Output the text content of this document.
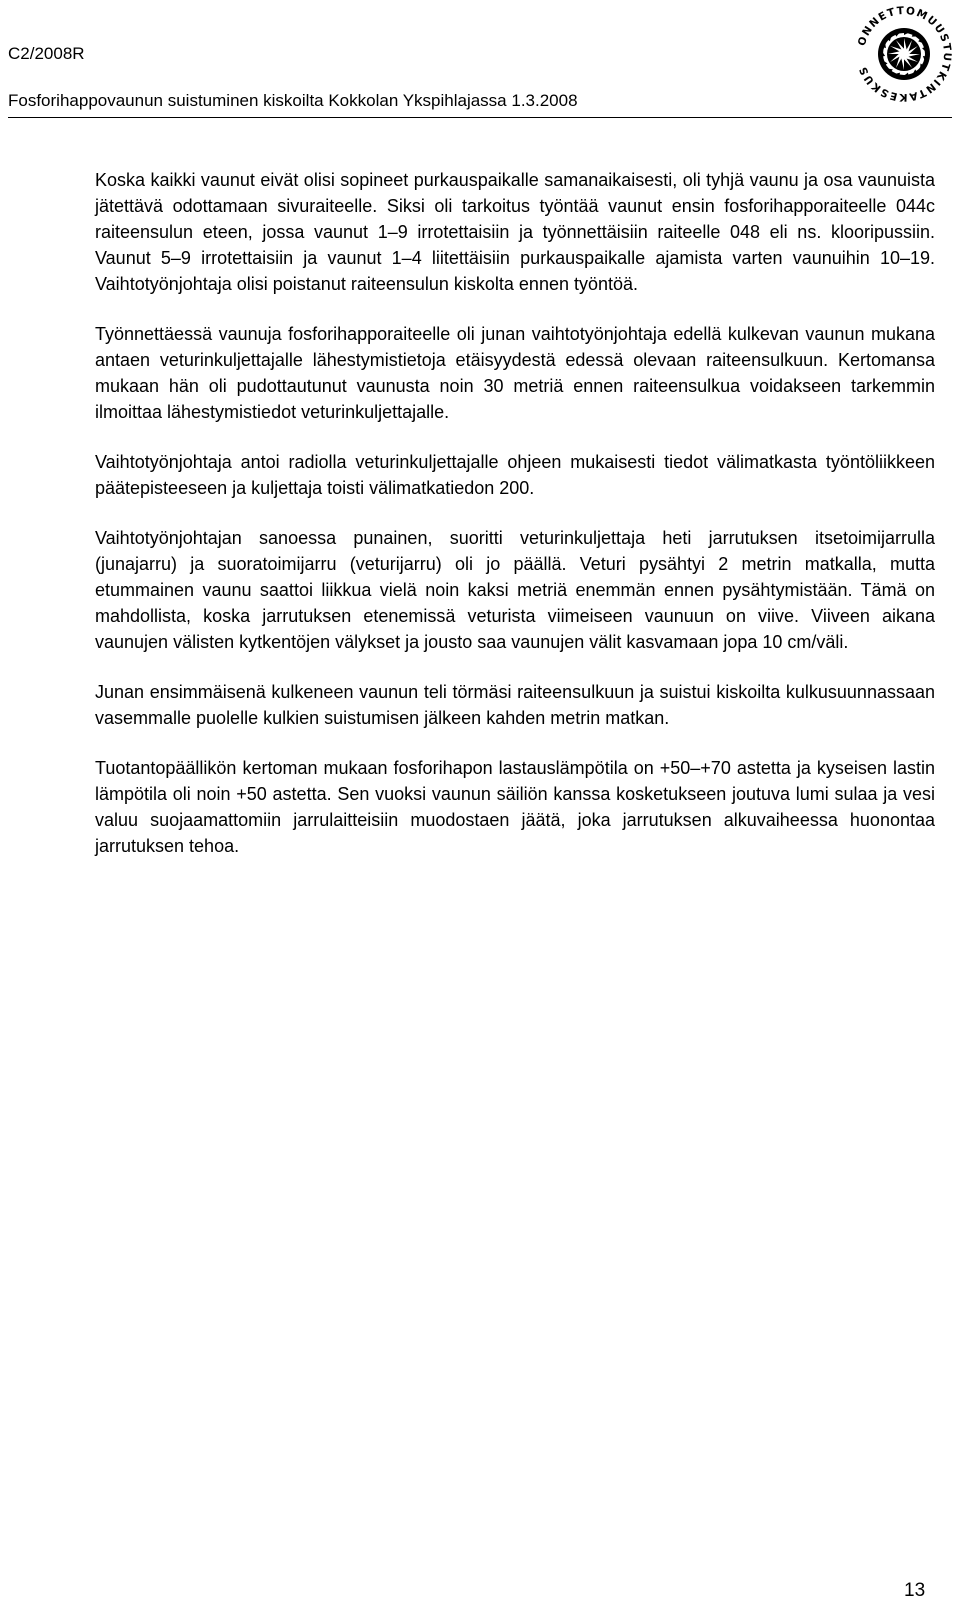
C2/2008R
Fosforihappovaunun suistuminen kiskoilta Kokkolan Ykspihlajassa 1.3.2008
ONNETTOMUUSTUTKINTAKESKUS

Koska kaikki vaunut eivät olisi sopineet purkauspaikalle samanaikaisesti, oli tyhjä vaunu ja osa vaunuista jätettävä odottamaan sivuraiteelle. Siksi oli tarkoitus työntää vaunut ensin fosforihapporaiteelle 044c raiteensulun eteen, jossa vaunut 1–9 irrotettaisiin ja työnnettäisiin raiteelle 048 eli ns. klooripussiin. Vaunut 5–9 irrotettaisiin ja vaunut 1–4 liitettäisiin purkauspaikalle ajamista varten vaunuihin 10–19. Vaihtotyönjohtaja olisi poistanut raiteensulun kiskolta ennen työntöä.

Työnnettäessä vaunuja fosforihapporaiteelle oli junan vaihtotyönjohtaja edellä kulkevan vaunun mukana antaen veturinkuljettajalle lähestymistietoja etäisyydestä edessä olevaan raiteensulkuun. Kertomansa mukaan hän oli pudottautunut vaunusta noin 30 metriä ennen raiteensulkua voidakseen tarkemmin ilmoittaa lähestymistiedot veturinkuljettajalle.

Vaihtotyönjohtaja antoi radiolla veturinkuljettajalle ohjeen mukaisesti tiedot välimatkasta työntöliikkeen päätepisteeseen ja kuljettaja toisti välimatkatiedon 200.

Vaihtotyönjohtajan sanoessa punainen, suoritti veturinkuljettaja heti jarrutuksen itsetoimijarrulla (junajarru) ja suoratoimijarru (veturijarru) oli jo päällä. Veturi pysähtyi 2 metrin matkalla, mutta etummainen vaunu saattoi liikkua vielä noin kaksi metriä enemmän ennen pysähtymistään. Tämä on mahdollista, koska jarrutuksen etenemissä veturista viimeiseen vaunuun on viive. Viiveen aikana vaunujen välisten kytkentöjen välykset ja jousto saa vaunujen välit kasvamaan jopa 10 cm/väli.

Junan ensimmäisenä kulkeneen vaunun teli törmäsi raiteensulkuun ja suistui kiskoilta kulkusuunnassaan vasemmalle puolelle kulkien suistumisen jälkeen kahden metrin matkan.

Tuotantopäällikön kertoman mukaan fosforihapon lastauslämpötila on +50–+70 astetta ja kyseisen lastin lämpötila oli noin +50 astetta. Sen vuoksi vaunun säiliön kanssa kosketukseen joutuva lumi sulaa ja vesi valuu suojaamattomiin jarrulaitteisiin muodostaen jäätä, joka jarrutuksen alkuvaiheessa huonontaa jarrutuksen tehoa.

13
